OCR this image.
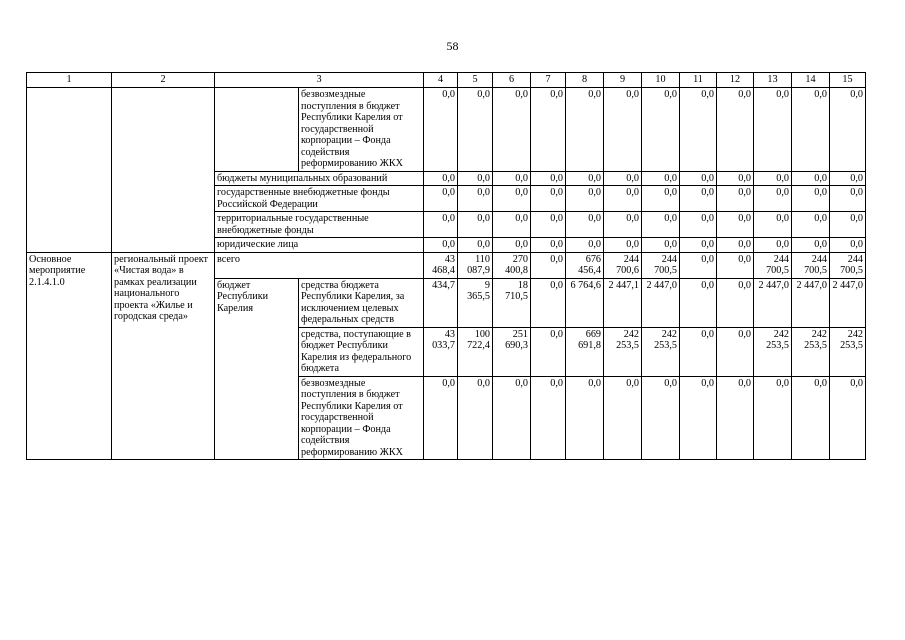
58
1	2	3		4	5	6	7	8	9	10	11	12	13	14	15
			безвозмездные поступления в бюджет Республики Карелия от государственной корпорации – Фонда содействия реформированию ЖКХ	0,0	0,0	0,0	0,0	0,0	0,0	0,0	0,0	0,0	0,0	0,0	0,0
		бюджеты муниципальных образований		0,0	0,0	0,0	0,0	0,0	0,0	0,0	0,0	0,0	0,0	0,0	0,0
		государственные внебюджетные фонды Российской Федерации		0,0	0,0	0,0	0,0	0,0	0,0	0,0	0,0	0,0	0,0	0,0	0,0
		территориальные государственные внебюджетные фонды		0,0	0,0	0,0	0,0	0,0	0,0	0,0	0,0	0,0	0,0	0,0	0,0
		юридические лица		0,0	0,0	0,0	0,0	0,0	0,0	0,0	0,0	0,0	0,0	0,0	0,0
Основное мероприятие 2.1.4.1.0	региональный проект «Чистая вода» в рамках реализации национального проекта «Жилье и городская среда»	всего		43 468,4	110 087,9	270 400,8	0,0	676 456,4	244 700,6	244 700,5	0,0	0,0	244 700,5	244 700,5	244 700,5
		бюджет Республики Карелия	средства бюджета Республики Карелия, за исключением целевых федеральных средств	434,7	9 365,5	18 710,5	0,0	6 764,6	2 447,1	2 447,0	0,0	0,0	2 447,0	2 447,0	2 447,0
			средства, поступающие в бюджет Республики Карелия из федерального бюджета	43 033,7	100 722,4	251 690,3	0,0	669 691,8	242 253,5	242 253,5	0,0	0,0	242 253,5	242 253,5	242 253,5
			безвозмездные поступления в бюджет Республики Карелия от государственной корпорации – Фонда содействия реформированию ЖКХ	0,0	0,0	0,0	0,0	0,0	0,0	0,0	0,0	0,0	0,0	0,0	0,0
